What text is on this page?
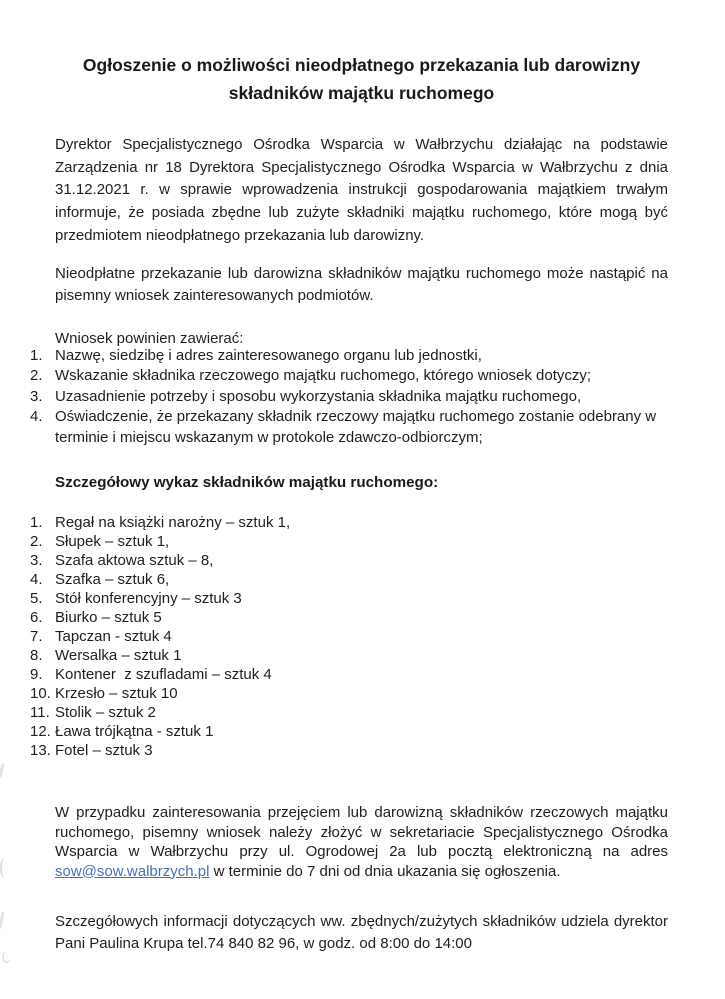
Ogłoszenie o możliwości nieodpłatnego przekazania lub darowizny
składników majątku ruchomego

Dyrektor Specjalistycznego Ośrodka Wsparcia w Wałbrzychu działając na podstawie Zarządzenia nr 18 Dyrektora Specjalistycznego Ośrodka Wsparcia w Wałbrzychu z dnia 31.12.2021 r. w sprawie wprowadzenia instrukcji gospodarowania majątkiem trwałym informuje, że posiada zbędne lub zużyte składniki majątku ruchomego, które mogą być przedmiotem nieodpłatnego przekazania lub darowizny.

Nieodpłatne przekazanie lub darowizna składników majątku ruchomego może nastąpić na pisemny wniosek zainteresowanych podmiotów.

Wniosek powinien zawierać:

1. Nazwę, siedzibę i adres zainteresowanego organu lub jednostki,
2. Wskazanie składnika rzeczowego majątku ruchomego, którego wniosek dotyczy;
3. Uzasadnienie potrzeby i sposobu wykorzystania składnika majątku ruchomego,
4. Oświadczenie, że przekazany składnik rzeczowy majątku ruchomego zostanie odebrany w terminie i miejscu wskazanym w protokole zdawczo-odbiorczym;
Szczegółowy wykaz składników majątku ruchomego:
1. Regał na książki narożny – sztuk 1,
2. Słupek – sztuk 1,
3. Szafa aktowa sztuk – 8,
4. Szafka – sztuk 6,
5. Stół konferencyjny – sztuk 3
6. Biurko – sztuk 5
7. Tapczan - sztuk 4
8. Wersalka – sztuk 1
9. Kontener  z szufladami – sztuk 4
10. Krzesło – sztuk 10
11. Stolik – sztuk 2
12. Ława trójkątna - sztuk 1
13. Fotel – sztuk 3

W przypadku zainteresowania przejęciem lub darowizną składników rzeczowych majątku ruchomego, pisemny wniosek należy złożyć w sekretariacie Specjalistycznego Ośrodka Wsparcia w Wałbrzychu przy ul. Ogrodowej 2a lub pocztą elektroniczną na adres sow@sow.walbrzych.pl w terminie do 7 dni od dnia ukazania się ogłoszenia.

Szczegółowych informacji dotyczących ww. zbędnych/zużytych składników udziela dyrektor Pani Paulina Krupa tel.74 840 82 96, w godz. od 8:00 do 14:00
